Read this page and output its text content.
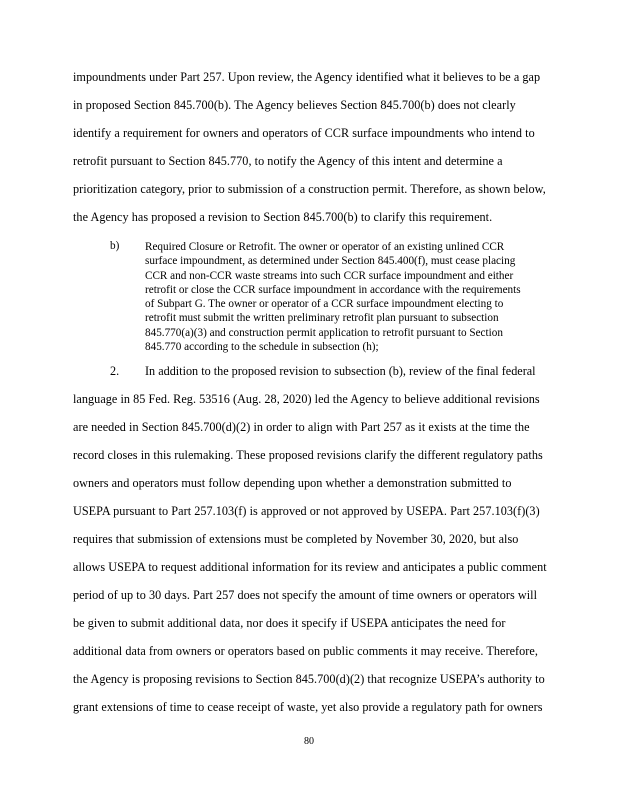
impoundments under Part 257. Upon review, the Agency identified what it believes to be a gap
in proposed Section 845.700(b). The Agency believes Section 845.700(b) does not clearly
identify a requirement for owners and operators of CCR surface impoundments who intend to
retrofit pursuant to Section 845.770, to notify the Agency of this intent and determine a
prioritization category, prior to submission of a construction permit. Therefore, as shown below,
the Agency has proposed a revision to Section 845.700(b) to clarify this requirement.
b) Required Closure or Retrofit. The owner or operator of an existing unlined CCR

surface impoundment, as determined under Section 845.400(f), must cease placing

CCR and non-CCR waste streams into such CCR surface impoundment and either

retrofit or close the CCR surface impoundment in accordance with the requirements

of Subpart G. The owner or operator of a CCR surface impoundment electing to

retrofit must submit the written preliminary retrofit plan pursuant to subsection

845.770(a)(3) and construction permit application to retrofit pursuant to Section

845.770 according to the schedule in subsection (h);

2. In addition to the proposed revision to subsection (b), review of the final federal
language in 85 Fed. Reg. 53516 (Aug. 28, 2020) led the Agency to believe additional revisions
are needed in Section 845.700(d)(2) in order to align with Part 257 as it exists at the time the
record closes in this rulemaking. These proposed revisions clarify the different regulatory paths
owners and operators must follow depending upon whether a demonstration submitted to
USEPA pursuant to Part 257.103(f) is approved or not approved by USEPA. Part 257.103(f)(3)
requires that submission of extensions must be completed by November 30, 2020, but also
allows USEPA to request additional information for its review and anticipates a public comment
period of up to 30 days. Part 257 does not specify the amount of time owners or operators will
be given to submit additional data, nor does it specify if USEPA anticipates the need for
additional data from owners or operators based on public comments it may receive. Therefore,
the Agency is proposing revisions to Section 845.700(d)(2) that recognize USEPA’s authority to
grant extensions of time to cease receipt of waste, yet also provide a regulatory path for owners
80
